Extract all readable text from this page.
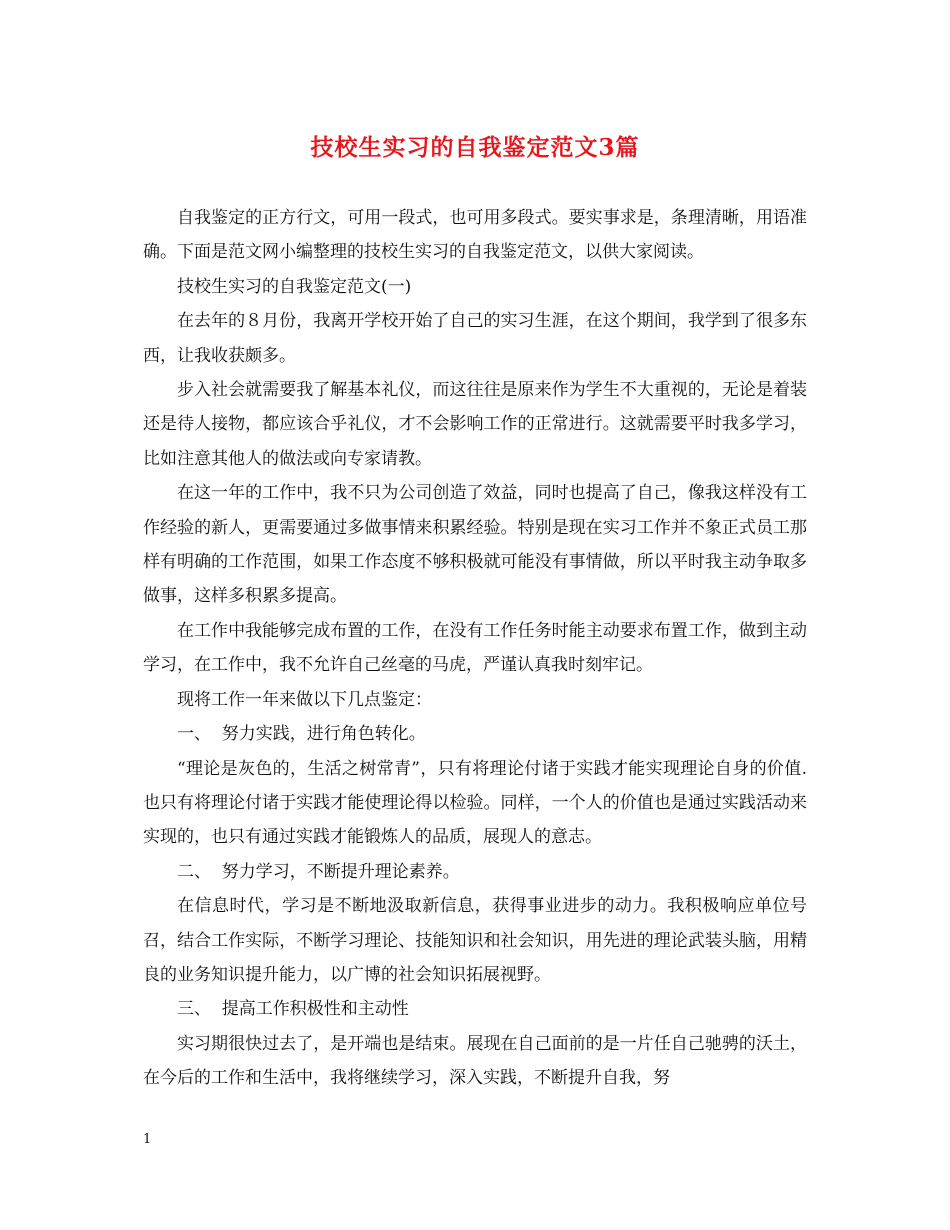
技校生实习的自我鉴定范文3篇

自我鉴定的正方行文，可用一段式，也可用多段式。要实事求是，条理清晰，用语准确。下面是范文网小编整理的技校生实习的自我鉴定范文，以供大家阅读。

技校生实习的自我鉴定范文(一)

在去年的８月份，我离开学校开始了自己的实习生涯，在这个期间，我学到了很多东西，让我收获颇多。

步入社会就需要我了解基本礼仪，而这往往是原来作为学生不大重视的，无论是着装还是待人接物，都应该合乎礼仪，才不会影响工作的正常进行。这就需要平时我多学习，比如注意其他人的做法或向专家请教。

在这一年的工作中，我不只为公司创造了效益，同时也提高了自己，像我这样没有工作经验的新人，更需要通过多做事情来积累经验。特别是现在实习工作并不象正式员工那样有明确的工作范围，如果工作态度不够积极就可能没有事情做，所以平时我主动争取多做事，这样多积累多提高。

在工作中我能够完成布置的工作，在没有工作任务时能主动要求布置工作，做到主动学习，在工作中，我不允许自己丝毫的马虎，严谨认真我时刻牢记。

现将工作一年来做以下几点鉴定：

一、  努力实践，进行角色转化。

“理论是灰色的，生活之树常青”，只有将理论付诸于实践才能实现理论自身的价值.也只有将理论付诸于实践才能使理论得以检验。同样，一个人的价值也是通过实践活动来实现的，也只有通过实践才能锻炼人的品质，展现人的意志。

二、  努力学习，不断提升理论素养。

在信息时代，学习是不断地汲取新信息，获得事业进步的动力。我积极响应单位号召，结合工作实际，不断学习理论、技能知识和社会知识，用先进的理论武装头脑，用精良的业务知识提升能力，以广博的社会知识拓展视野。

三、  提高工作积极性和主动性

实习期很快过去了，是开端也是结束。展现在自己面前的是一片任自己驰骋的沃土，在今后的工作和生活中，我将继续学习，深入实践，不断提升自我，努

1
